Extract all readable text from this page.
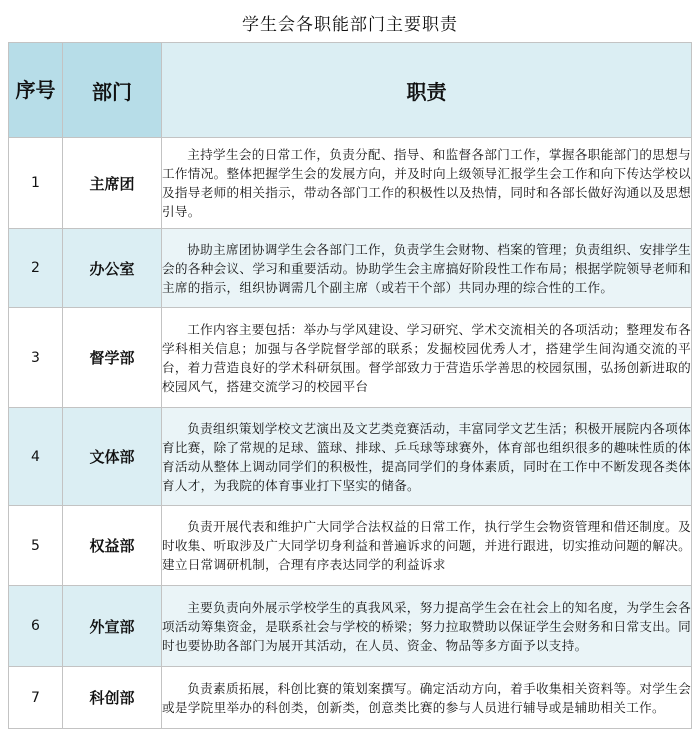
学生会各职能部门主要职责
序号	部门	职责
1	主席团	主持学生会的日常工作，负责分配、指导、和监督各部门工作，掌握各职能部门的思想与工作情况。整体把握学生会的发展方向，并及时向上级领导汇报学生会工作和向下传达学校以及指导老师的相关指示，带动各部门工作的积极性以及热情，同时和各部长做好沟通以及思想引导。
2	办公室	协助主席团协调学生会各部门工作，负责学生会财物、档案的管理；负责组织、安排学生会的各种会议、学习和重要活动。协助学生会主席搞好阶段性工作布局；根据学院领导老师和主席的指示，组织协调需几个副主席（或若干个部）共同办理的综合性的工作。
3	督学部	工作内容主要包括：举办与学风建设、学习研究、学术交流相关的各项活动；整理发布各学科相关信息；加强与各学院督学部的联系；发掘校园优秀人才，搭建学生间沟通交流的平台，着力营造良好的学术科研氛围。督学部致力于营造乐学善思的校园氛围，弘扬创新进取的校园风气，搭建交流学习的校园平台
4	文体部	负责组织策划学校文艺演出及文艺类竞赛活动，丰富同学文艺生活；积极开展院内各项体育比赛，除了常规的足球、篮球、排球、乒乓球等球赛外，体育部也组织很多的趣味性质的体育活动从整体上调动同学们的积极性，提高同学们的身体素质，同时在工作中不断发现各类体育人才，为我院的体育事业打下坚实的储备。
5	权益部	负责开展代表和维护广大同学合法权益的日常工作，执行学生会物资管理和借还制度。及时收集、听取涉及广大同学切身利益和普遍诉求的问题，并进行跟进，切实推动问题的解决。建立日常调研机制，合理有序表达同学的利益诉求
6	外宣部	主要负责向外展示学校学生的真我风采，努力提高学生会在社会上的知名度，为学生会各项活动筹集资金，是联系社会与学校的桥梁；努力拉取赞助以保证学生会财务和日常支出。同时也要协助各部门为展开其活动，在人员、资金、物品等多方面予以支持。
7	科创部	负责素质拓展，科创比赛的策划案撰写。确定活动方向，着手收集相关资料等。对学生会或是学院里举办的科创类，创新类，创意类比赛的参与人员进行辅导或是辅助相关工作。
